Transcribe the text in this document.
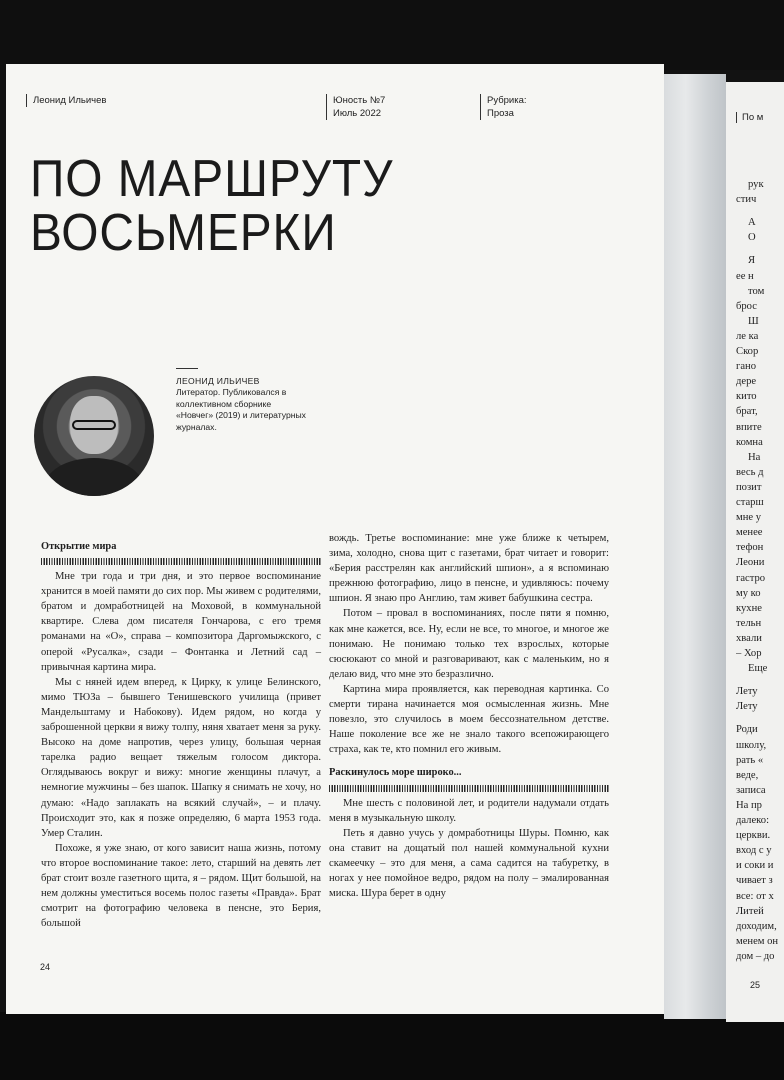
Леонид Ильичев	Юность №7
Июль 2022
Рубрика:
Проза
ПО МАРШРУТУ
ВОСЬМЕРКИ
ЛЕОНИД ИЛЬИЧЕВ
Литератор. Публиковался в коллективном сборнике «Новчег» (2019) и литературных журналах.

Открытие мира

Мне три года и три дня, и это первое воспоминание хранится в моей памяти до сих пор. Мы живем с родителями, братом и домработницей на Моховой, в коммунальной квартире. Слева дом писателя Гончарова, с его тремя романами на «О», справа – композитора Даргомыжского, с оперой «Русалка», сзади – Фонтанка и Летний сад – привычная картина мира.

Мы с няней идем вперед, к Цирку, к улице Белинского, мимо ТЮЗа – бывшего Тенишевского училища (привет Мандельштаму и Набокову). Идем рядом, но когда у заброшенной церкви я вижу толпу, няня хватает меня за руку. Высоко на доме напротив, через улицу, большая черная тарелка радио вещает тяжелым голосом диктора. Оглядываюсь вокруг и вижу: многие женщины плачут, а немногие мужчины – без шапок. Шапку я снимать не хочу, но думаю: «Надо заплакать на всякий случай», – и плачу. Происходит это, как я позже определяю, 6 марта 1953 года. Умер Сталин.

Похоже, я уже знаю, от кого зависит наша жизнь, потому что второе воспоминание такое: лето, старший на девять лет брат стоит возле газетного щита, я – рядом. Щит большой, на нем должны уместиться восемь полос газеты «Правда». Брат смотрит на фотографию человека в пенсне, это Берия, большой

вождь. Третье воспоминание: мне уже ближе к четырем, зима, холодно, снова щит с газетами, брат читает и говорит: «Берия расстрелян как английский шпион», а я вспоминаю прежнюю фотографию, лицо в пенсне, и удивляюсь: почему шпион. Я знаю про Англию, там живет бабушкина сестра.

Потом – провал в воспоминаниях, после пяти я помню, как мне кажется, все. Ну, если не все, то многое, и многое же понимаю. Не понимаю только тех взрослых, которые сюсюкают со мной и разговаривают, как с маленьким, но я делаю вид, что мне это безразлично.

Картина мира проявляется, как переводная картинка. Со смерти тирана начинается моя осмысленная жизнь. Мне повезло, это случилось в моем бессознательном детстве. Наше поколение все же не знало такого всепожирающего страха, как те, кто помнил его живым.

Раскинулось море широко...

Мне шесть с половиной лет, и родители надумали отдать меня в музыкальную школу.

Петь я давно учусь у домработницы Шуры. Помню, как она ставит на дощатый пол нашей коммунальной кухни скамеечку – это для меня, а сама садится на табуретку, в ногах у нее помойное ведро, рядом на полу – эмалированная миска. Шура берет в одну

24
По м
рук
стич
А
О
Я
ее н
том
брос
Ш
ле ка
Скор
гано
дере
кито
брат,
впите
комна
На
весь д
позит
старш
мне у
менее
тефон
Леони
гастро
му ко
кухне
тельн
хвали
– Хор
Еще
Лету
Лету
Роди
школу,
рать «
веде,
записа
На пр
далеко:
церкви.
вход с у
и соки и
чивает з
все: от х
Литей
доходим,
менем он
дом – до
25
